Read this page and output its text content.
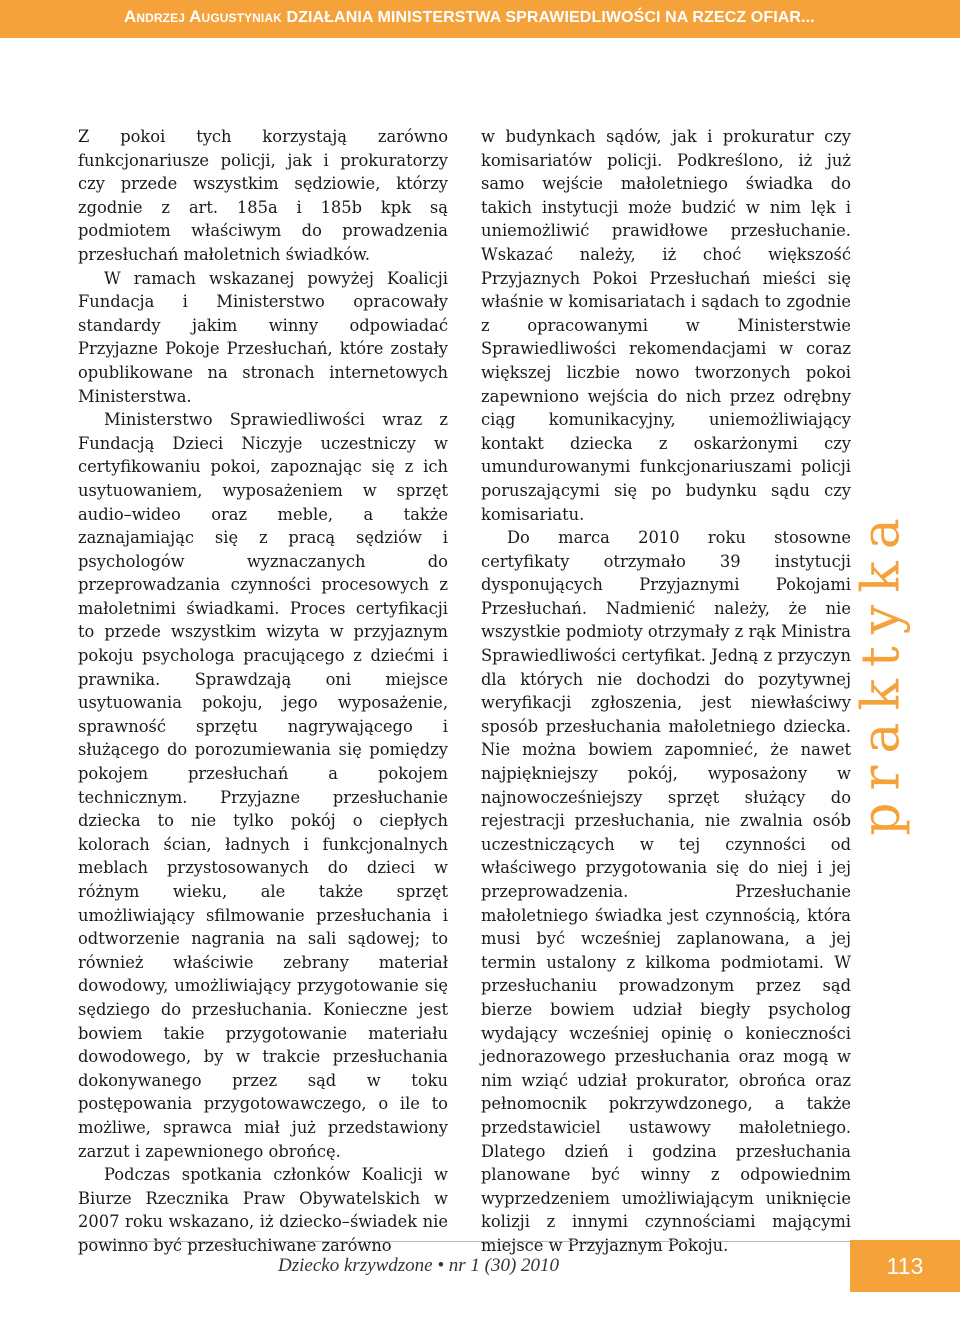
Andrzej Augustyniak DZIAŁANIA MINISTERSTWA SPRAWIEDLIWOŚCI NA RZECZ OFIAR...

Z pokoi tych korzystają zarówno funkcjonariusze policji, jak i prokuratorzy czy przede wszystkim sędziowie, którzy zgodnie z art. 185a i 185b kpk są podmiotem właściwym do prowadzenia przesłuchań małoletnich świadków.

W ramach wskazanej powyżej Koalicji Fundacja i Ministerstwo opracowały standardy jakim winny odpowiadać Przyjazne Pokoje Przesłuchań, które zostały opublikowane na stronach internetowych Ministerstwa.

Ministerstwo Sprawiedliwości wraz z Fundacją Dzieci Niczyje uczestniczy w certyfikowaniu pokoi, zapoznając się z ich usytuowaniem, wyposażeniem w sprzęt audio–wideo oraz meble, a także zaznajamiając się z pracą sędziów i psychologów wyznaczanych do przeprowadzania czynności procesowych z małoletnimi świadkami. Proces certyfikacji to przede wszystkim wizyta w przyjaznym pokoju psychologa pracującego z dziećmi i prawnika. Sprawdzają oni miejsce usytuowania pokoju, jego wyposażenie, sprawność sprzętu nagrywającego i służącego do porozumiewania się pomiędzy pokojem przesłuchań a pokojem technicznym. Przyjazne przesłuchanie dziecka to nie tylko pokój o ciepłych kolorach ścian, ładnych i funkcjonalnych meblach przystosowanych do dzieci w różnym wieku, ale także sprzęt umożliwiający sfilmowanie przesłuchania i odtworzenie nagrania na sali sądowej; to również właściwie zebrany materiał dowodowy, umożliwiający przygotowanie się sędziego do przesłuchania. Konieczne jest bowiem takie przygotowanie materiału dowodowego, by w trakcie przesłuchania dokonywanego przez sąd w toku postępowania przygotowawczego, o ile to możliwe, sprawca miał już przedstawiony zarzut i zapewnionego obrońcę.

Podczas spotkania członków Koalicji w Biurze Rzecznika Praw Obywatelskich w 2007 roku wskazano, iż dziecko–świadek nie powinno być przesłuchiwane zarówno

w budynkach sądów, jak i prokuratur czy komisariatów policji. Podkreślono, iż już samo wejście małoletniego świadka do takich instytucji może budzić w nim lęk i uniemożliwić prawidłowe przesłuchanie. Wskazać należy, iż choć większość Przyjaznych Pokoi Przesłuchań mieści się właśnie w komisariatach i sądach to zgodnie z opracowanymi w Ministerstwie Sprawiedliwości rekomendacjami w coraz większej liczbie nowo tworzonych pokoi zapewniono wejścia do nich przez odrębny ciąg komunikacyjny, uniemożliwiający kontakt dziecka z oskarżonymi czy umundurowanymi funkcjonariuszami policji poruszającymi się po budynku sądu czy komisariatu.

Do marca 2010 roku stosowne certyfikaty otrzymało 39 instytucji dysponujących Przyjaznymi Pokojami Przesłuchań. Nadmienić należy, że nie wszystkie podmioty otrzymały z rąk Ministra Sprawiedliwości certyfikat. Jedną z przyczyn dla których nie dochodzi do pozytywnej weryfikacji zgłoszenia, jest niewłaściwy sposób przesłuchania małoletniego dziecka. Nie można bowiem zapomnieć, że nawet najpiękniejszy pokój, wyposażony w najnowocześniejszy sprzęt służący do rejestracji przesłuchania, nie zwalnia osób uczestniczących w tej czynności od właściwego przygotowania się do niej i jej przeprowadzenia. Przesłuchanie małoletniego świadka jest czynnością, która musi być wcześniej zaplanowana, a jej termin ustalony z kilkoma podmiotami. W przesłuchaniu prowadzonym przez sąd bierze bowiem udział biegły psycholog wydający wcześniej opinię o konieczności jednorazowego przesłuchania oraz mogą w nim wziąć udział prokurator, obrońca oraz pełnomocnik pokrzywdzonego, a także przedstawiciel ustawowy małoletniego. Dlatego dzień i godzina przesłuchania planowane być winny z odpowiednim wyprzedzeniem umożliwiającym uniknięcie kolizji z innymi czynnościami mającymi miejsce w Przyjaznym Pokoju.

praktyka
Dziecko krzywdzone • nr 1 (30) 2010	113
